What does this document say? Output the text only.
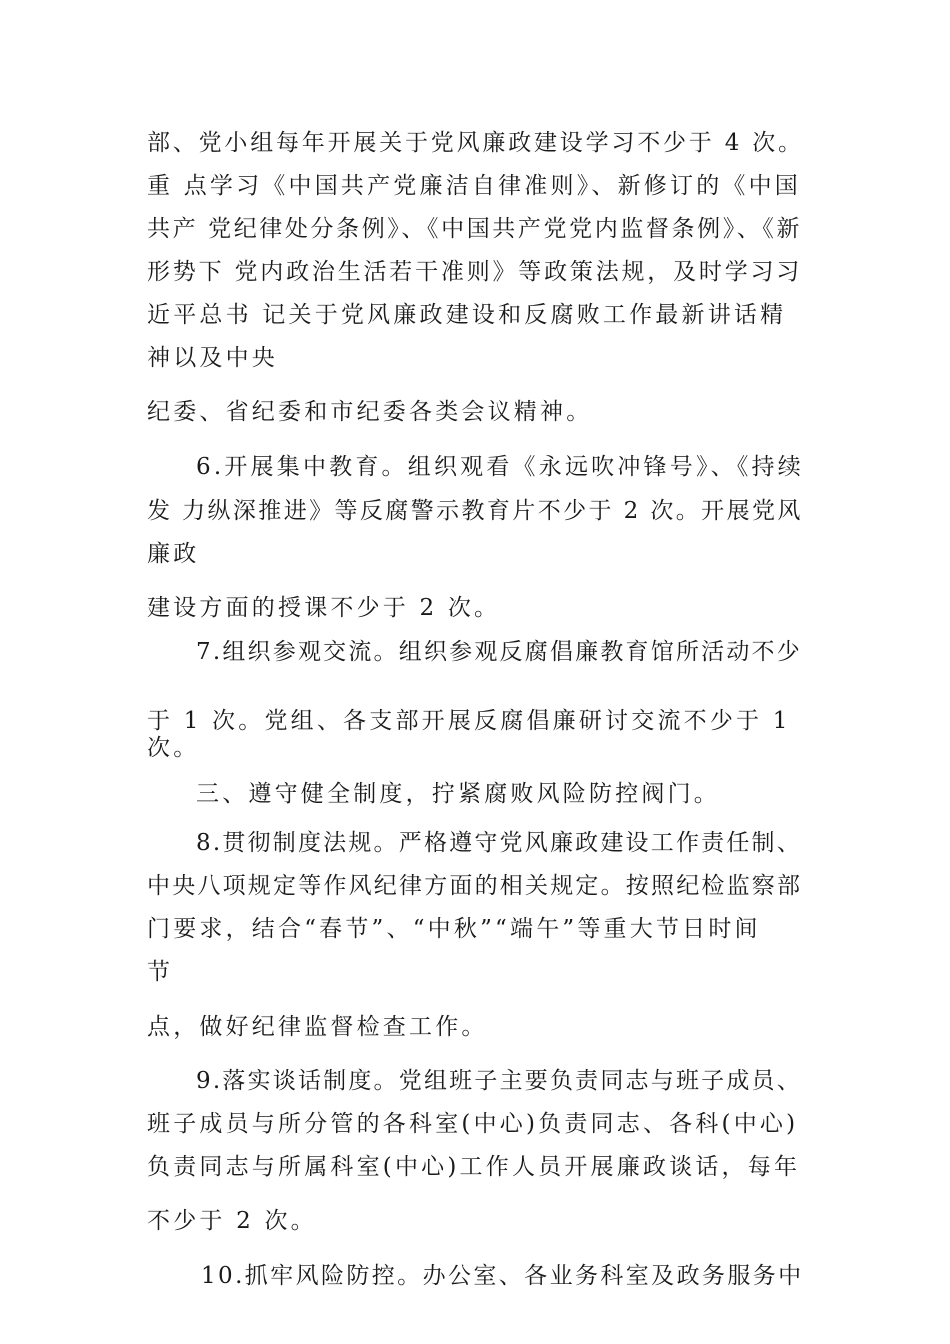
部、党小组每年开展关于党风廉政建设学习不少于 4 次。
重 点学习《中国共产党廉洁自律准则》、新修订的《中国
共产 党纪律处分条例》、《中国共产党党内监督条例》、《新
形势下 党内政治生活若干准则》等政策法规，及时学习习
近平总书 记关于党风廉政建设和反腐败工作最新讲话精
神以及中央
纪委、省纪委和市纪委各类会议精神。
6.开展集中教育。组织观看《永远吹冲锋号》、《持续
发 力纵深推进》等反腐警示教育片不少于 2 次。开展党风
廉政
建设方面的授课不少于 2 次。
7.组织参观交流。组织参观反腐倡廉教育馆所活动不少
于 1 次。党组、各支部开展反腐倡廉研讨交流不少于 1
次。
三、遵守健全制度，拧紧腐败风险防控阀门。
8.贯彻制度法规。严格遵守党风廉政建设工作责任制、
中央八项规定等作风纪律方面的相关规定。按照纪检监察部
门要求，结合“春节”、“中秋”“端午”等重大节日时间
节
点，做好纪律监督检查工作。
9.落实谈话制度。党组班子主要负责同志与班子成员、
班子成员与所分管的各科室(中心)负责同志、各科(中心)
负责同志与所属科室(中心)工作人员开展廉政谈话，每年
不少于 2 次。
10.抓牢风险防控。办公室、各业务科室及政务服务中
